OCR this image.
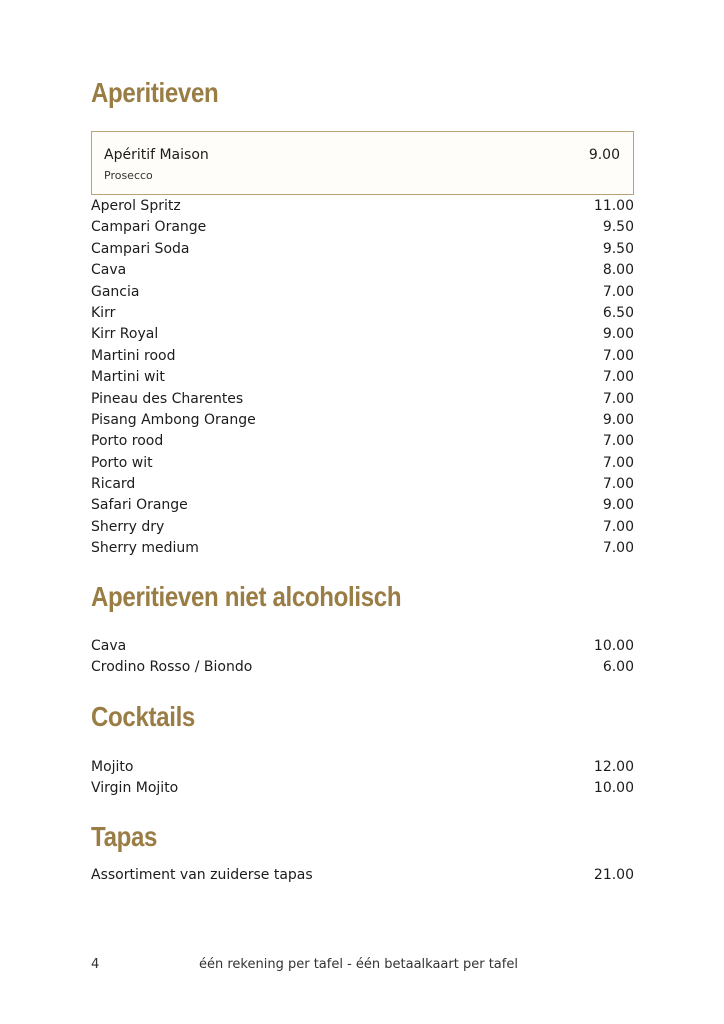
Aperitieven
Apéritif Maison	9.00
Prosecco
Aperol Spritz	11.00
Campari Orange	9.50
Campari Soda	9.50
Cava	8.00
Gancia	7.00
Kirr	6.50
Kirr Royal	9.00
Martini rood	7.00
Martini wit	7.00
Pineau des Charentes	7.00
Pisang Ambong Orange	9.00
Porto rood	7.00
Porto wit	7.00
Ricard	7.00
Safari Orange	9.00
Sherry dry	7.00
Sherry medium	7.00
Aperitieven niet alcoholisch
Cava	10.00
Crodino Rosso / Biondo	6.00
Cocktails
Mojito	12.00
Virgin Mojito	10.00
Tapas
Assortiment van zuiderse tapas	21.00
4	één rekening per tafel - één betaalkaart per tafel
